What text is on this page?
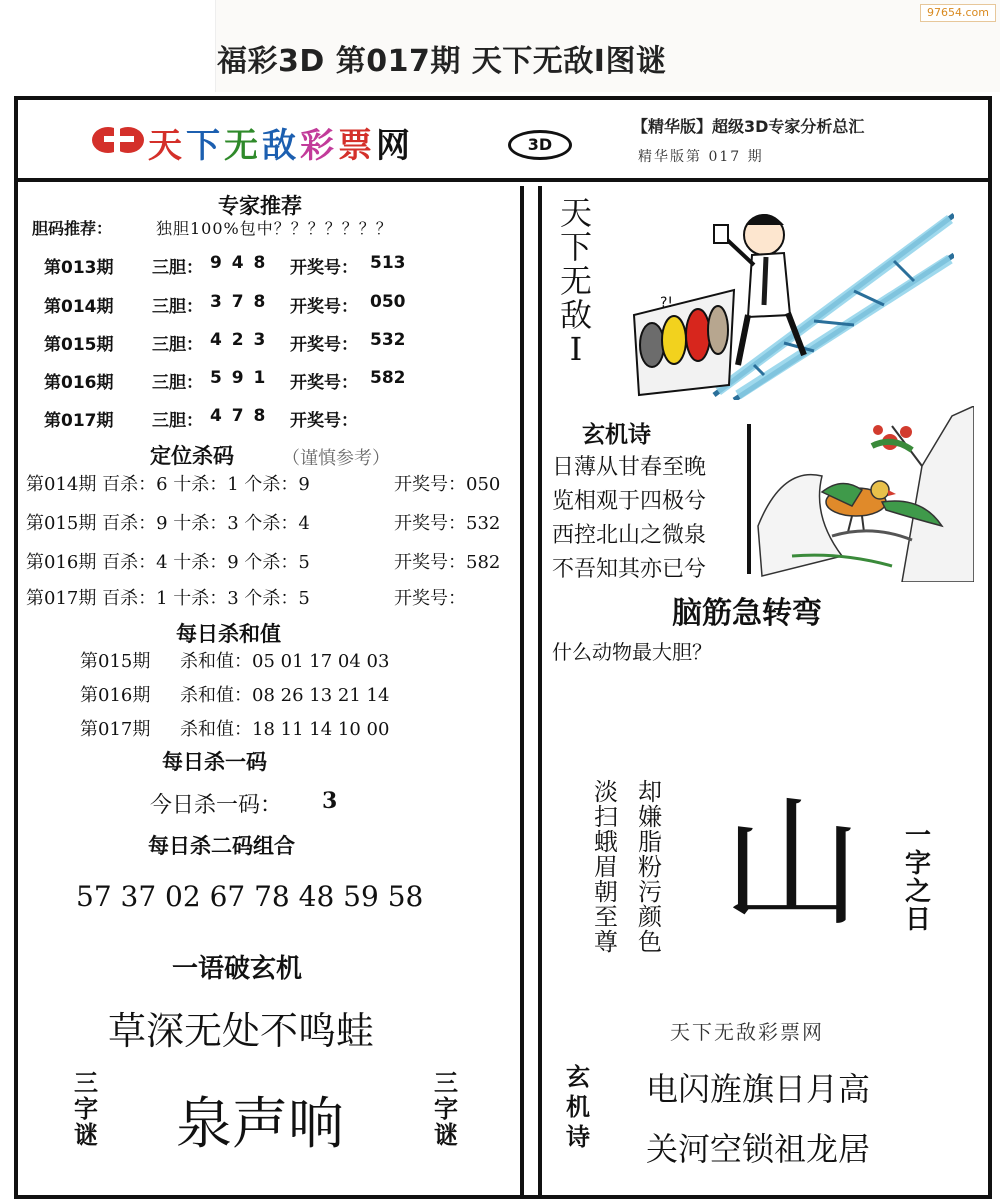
福彩3D 第017期 天下无敌Ⅰ图谜
97654.com
天下无敌彩票网	3D
【精华版】超级3D专家分析总汇
精华版第 017 期
专家推荐
胆码推荐：	独胆100%包中？？？？？？？
第013期 三胆： 9 4 8 开奖号： 513
第014期 三胆： 3 7 8 开奖号： 050
第015期 三胆： 4 2 3 开奖号： 532
第016期 三胆： 5 9 1 开奖号： 582
第017期 三胆： 4 7 8 开奖号：
定位杀码	（谨慎参考）
第014期 百杀：6 十杀：1 个杀：9	开奖号：050
第015期 百杀：9 十杀：3 个杀：4	开奖号：532
第016期 百杀：4 十杀：9 个杀：5	开奖号：582
第017期 百杀：1 十杀：3 个杀：5	开奖号：
每日杀和值
第015期 杀和值：05 01 17 04 03
第016期 杀和值：08 26 13 21 14
第017期 杀和值：18 11 14 10 00
每日杀一码
今日杀一码： 3
每日杀二码组合
57 37 02 67 78 48 59 58
一语破玄机
草深无处不鸣蛙
三
字
谜 泉声响
三
字
谜
天
下
无
敌
Ⅰ
?!
玄机诗
日薄从甘春至晚
览相观于四极兮
西控北山之微泉
不吾知其亦已兮
脑筋急转弯
什么动物最大胆？
却
嫌
脂
粉
污
颜
色
淡
扫
蛾
眉
朝
至
尊 山 一
字
之
日
天下无敌彩票网
玄
机
诗
电闪旌旗日月高
关河空锁祖龙居
